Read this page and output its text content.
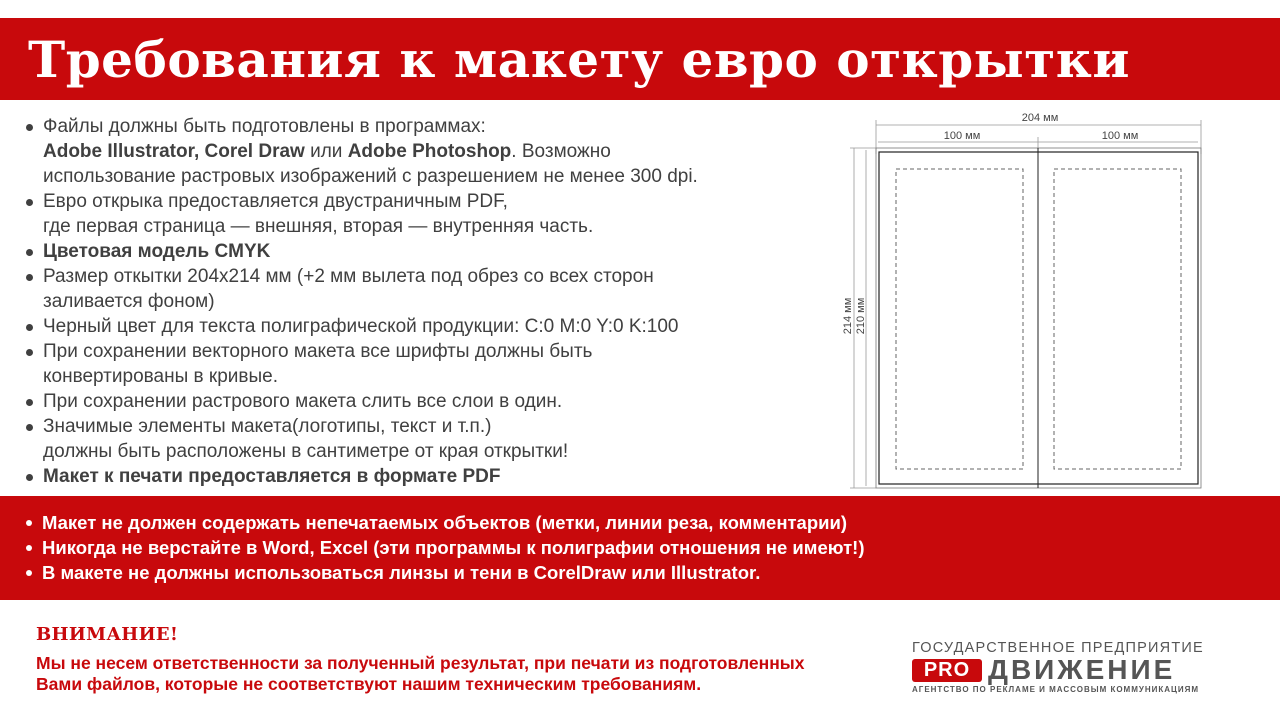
Требования к макету евро открытки
Файлы должны быть подготовлены в программах:
Adobe Illustrator, Corel Draw или Adobe Photoshop. Возможно
использование растровых изображений с разрешением не менее 300 dpi.
Евро открыка предоставляется двустраничным PDF,
где первая страница — внешняя, вторая — внутренняя часть.
Цветовая модель CMYK
Размер откытки 204х214 мм (+2 мм вылета под обрез со всех сторон
заливается фоном)
Черный цвет для текста полиграфической продукции: C:0 M:0 Y:0 K:100
При сохранении векторного макета все шрифты должны быть
конвертированы в кривые.
При сохранении растрового макета слить все слои в один.
Значимые элементы макета(логотипы, текст и т.п.)
должны быть расположены в сантиметре от края открытки!
Макет к печати предоставляется в формате PDF
204 мм
100 мм	100 мм
214 мм 210 мм
Макет не должен содержать непечатаемых объектов (метки, линии реза, комментарии)
Никогда не верстайте в Word, Excel (эти программы к полиграфии отношения не имеют!)
В макете не должны использоваться линзы и тени в CorelDraw или Illustrator.
ВНИМАНИЕ!
Мы не несем ответственности за полученный результат, при печати из подготовленных
Вами файлов, которые не соответствуют нашим техническим требованиям.
ГОСУДАРСТВЕННОЕ ПРЕДПРИЯТИЕ
PRO ДВИЖЕНИЕ
АГЕНТСТВО ПО РЕКЛАМЕ И МАССОВЫМ КОММУНИКАЦИЯМ
